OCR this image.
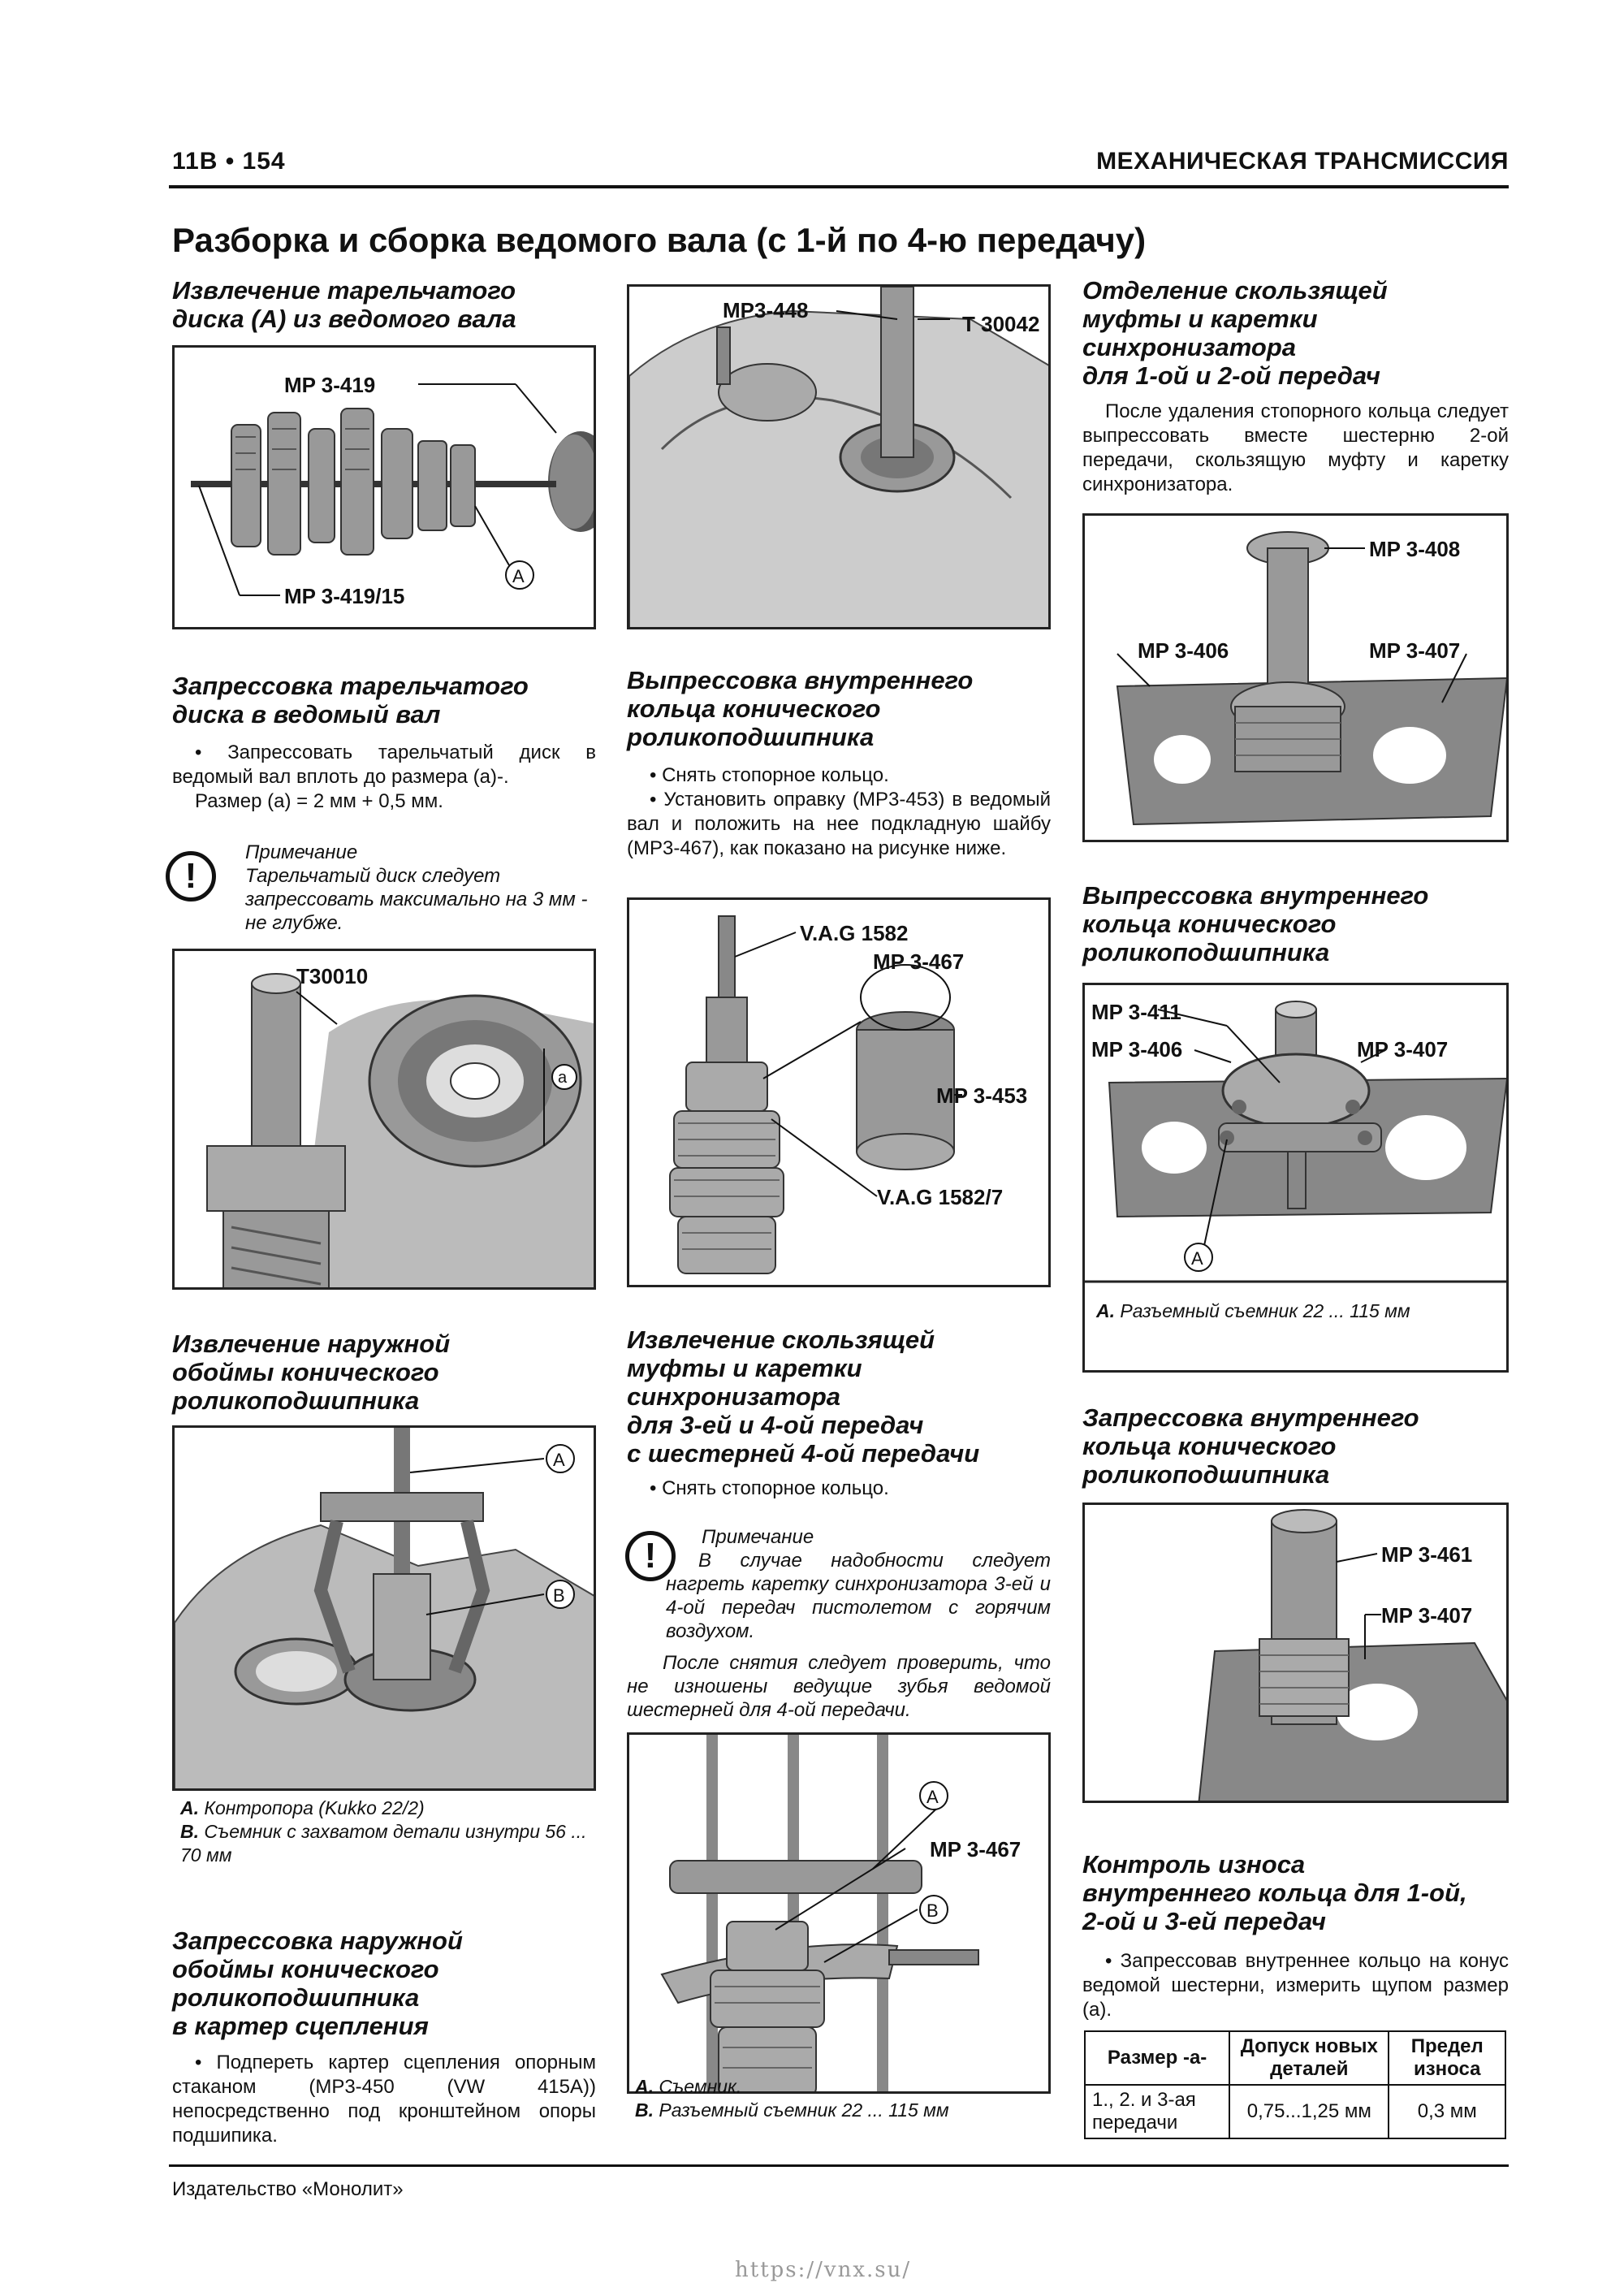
11B • 154	МЕХАНИЧЕСКАЯ ТРАНСМИССИЯ
Разборка и сборка ведомого вала (с 1-й по 4-ю передачу)
Извлечение тарельчатого
диска (A) из ведомого вала
MP 3-419
MP 3-419/15
A
Запрессовка тарельчатого
диска в ведомый вал

• Запрессовать тарельчатый диск в ведомый вал вплоть до размера (a)-.

Размер (a) = 2 мм + 0,5 мм.

!
Примечание
Тарельчатый диск следует запрессовать максимально на 3 мм - не глубже.
T30010
a
Извлечение наружной
обоймы конического
роликоподшипника
A
B
A. Контропора (Kukko 22/2)
B. Съемник с захватом детали изнутри 56 ... 70 мм
Запрессовка наружной
обоймы конического
роликоподшипника
в картер сцепления

• Подпереть картер сцепления опорным стаканом (MP3-450 (VW 415A)) непосредственно под кронштейном опоры подшипика.

MP3-448
T 30042
Выпрессовка внутреннего
кольца конического
роликоподшипника

• Снять стопорное кольцо.

• Установить оправку (MP3-453) в ведомый вал и положить на нее подкладную шайбу (MP3-467), как показано на рисунке ниже.

V.A.G 1582
MP 3-467
MP 3-453
V.A.G 1582/7
Извлечение скользящей
муфты и каретки
синхронизатора
для 3-ей и 4-ой передач
с шестерней 4-ой передачи

• Снять стопорное кольцо.

!	Примечание
В случае надобности следует нагреть каретку синхронизатора 3-ей и 4-ой передач пистолетом с горячим воздухом.
После снятия следует проверить, что не изношены ведущие зубья ведомой шестерней для 4-ой передачи.
A
MP 3-467
B
A. Съемник.
B. Разъемный съемник 22 ... 115 мм
Отделение скользящей
муфты и каретки
синхронизатора
для 1-ой и 2-ой передач

После удаления стопорного кольца следует выпрессовать вместе шестерню 2-ой передачи, скользящую муфту и каретку синхронизатора.

MP 3-408
MP 3-406	MP 3-407
Выпрессовка внутреннего
кольца конического
роликоподшипника
MP 3-411
MP 3-406	MP 3-407
A
A. Разъемный съемник 22 ... 115 мм
Запрессовка внутреннего
кольца конического
роликоподшипника
MP 3-461
MP 3-407
Контроль износа
внутреннего кольца для 1-ой,
2-ой и 3-ей передач

• Запрессовав внутреннее кольцо на конус ведомой шестерни, измерить щупом размер (a).

Размер -a-	Допуск новых деталей	Предел износа
1., 2. и 3-ая передачи	0,75...1,25 мм	0,3 мм
Издательство «Монолит»
https://vnx.su/
